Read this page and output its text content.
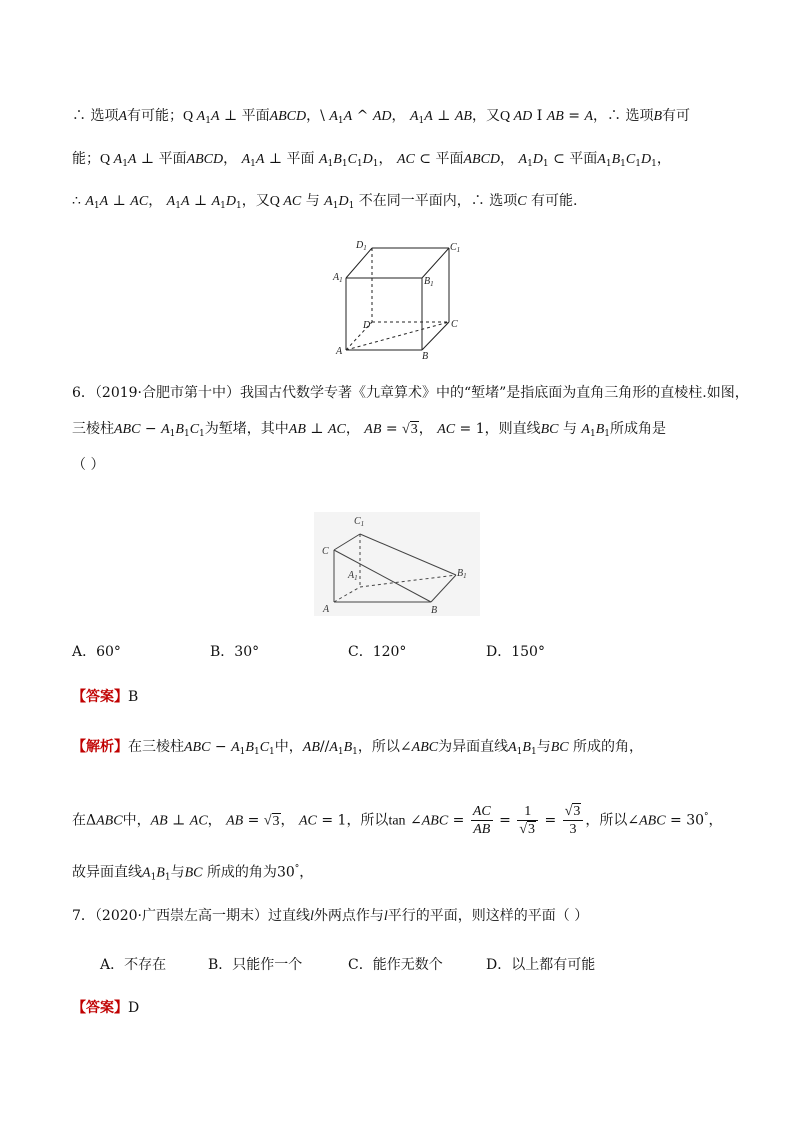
∴ 选项A有可能；Q $A_1A$ ⊥ 平面ABCD，\ $A_1A$ ^ AD， $A_1A$ ⊥ AB，又Q AD I AB = A，∴ 选项B有可
能；Q $A_1A$ ⊥ 平面ABCD， $A_1A$ ⊥ 平面 $A_1B_1C_1D_1$， AC ⊂ 平面ABCD， $A_1D_1$ ⊂ 平面$A_1B_1C_1D_1$，
∴ $A_1A$ ⊥ AC， $A_1A$ ⊥ $A_1D_1$，又Q AC 与 $A_1D_1$ 不在同一平面内，∴ 选项C 有可能.
$D_1$	$C_1$
$A_1$	$B_1$
D	C
A	B
6．（2019·合肥市第十中）我国古代数学专著《九章算术》中的“堑堵”是指底面为直角三角形的直棱柱.如图，
三棱柱ABC − $A_1B_1C_1$为堑堵，其中AB ⊥ AC， AB = √3， AC = 1，则直线BC 与 $A_1B_1$所成角是
（ ）
$C_1$
C
$A_1$	$B_1$
A	B
A．60°	B．30°	C．120°	D．150°
【答案】B
【解析】在三棱柱ABC − $A_1B_1C_1$中，$AB//A_1B_1$，所以∠ABC为异面直线$A_1B_1$与BC 所成的角，
在ΔABC中，AB ⊥ AC， AB = √3， AC = 1，所以tan ∠ABC = $\frac{AC}{AB} = \frac{1}{√3} = \frac{√3}{3}$ ，所以∠ABC = 30°，
故异面直线$A_1B_1$与BC 所成的角为30°，
7．（2020·广西崇左高一期末）过直线l外两点作与l平行的平面，则这样的平面（ ）
A．不存在	B．只能作一个	C．能作无数个	D．以上都有可能
【答案】D
